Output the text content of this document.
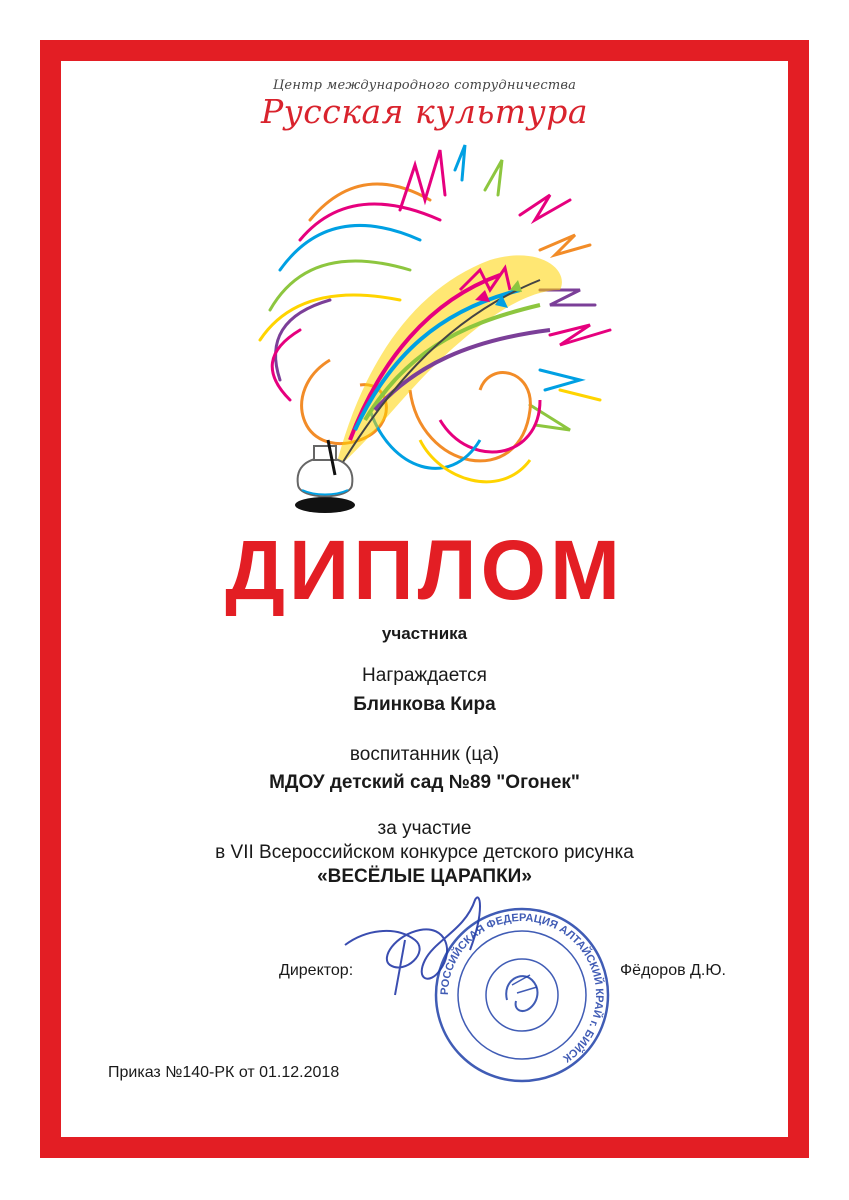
Центр международного сотрудничества
Русская культура
ДИПЛОМ
участника
Награждается
Блинкова Кира
воспитанник (ца)
МДОУ детский сад №89 "Огонек"
за участие
в VII Всероссийском конкурсе детского рисунка
«ВЕСЁЛЫЕ ЦАРАПКИ»
Директор:	Фёдоров Д.Ю.
РОССИЙСКАЯ ФЕДЕРАЦИЯ АЛТАЙСКИЙ КРАЙ г. БИЙСК
Приказ №140-РК от 01.12.2018
